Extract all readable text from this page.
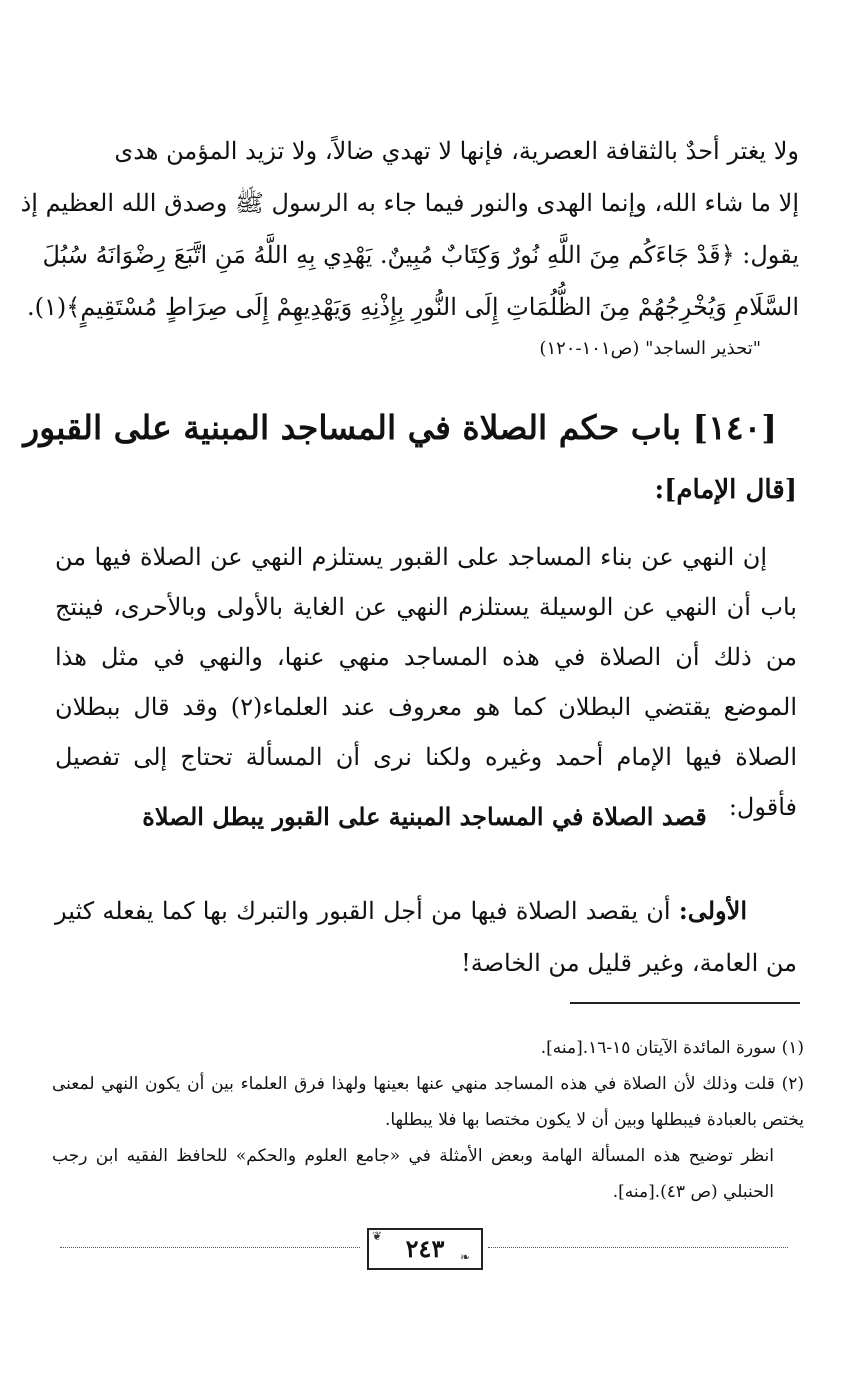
ولا يغتر أحدٌ بالثقافة العصرية، فإنها لا تهدي ضالاً، ولا تزيد المؤمن هدى
إلا ما شاء الله، وإنما الهدى والنور فيما جاء به الرسول ﷺ وصدق الله العظيم إذ
يقول: ﴿قَدْ جَاءَكُم مِنَ اللَّهِ نُورٌ وَكِتَابٌ مُبِينٌ. يَهْدِي بِهِ اللَّهُ مَنِ اتَّبَعَ رِضْوَانَهُ سُبُلَ
السَّلَامِ وَيُخْرِجُهُمْ مِنَ الظُّلُمَاتِ إِلَى النُّورِ بِإِذْنِهِ وَيَهْدِيهِمْ إِلَى صِرَاطٍ مُسْتَقِيمٍ﴾(١).
"تحذير الساجد" (ص١٠١-١٢٠)
[١٤٠] باب حكم الصلاة في المساجد المبنية على القبور
[قال الإمام]:

إن النهي عن بناء المساجد على القبور يستلزم النهي عن الصلاة فيها من باب أن النهي عن الوسيلة يستلزم النهي عن الغاية بالأولى وبالأحرى، فينتج من ذلك أن الصلاة في هذه المساجد منهي عنها، والنهي في مثل هذا الموضع يقتضي البطلان كما هو معروف عند العلماء(٢) وقد قال ببطلان الصلاة فيها الإمام أحمد وغيره ولكنا نرى أن المسألة تحتاج إلى تفصيل فأقول:

قصد الصلاة في المساجد المبنية على القبور يبطل الصلاة

الأولى: أن يقصد الصلاة فيها من أجل القبور والتبرك بها كما يفعله كثير من العامة، وغير قليل من الخاصة!

(١) سورة المائدة الآيتان ١٥-١٦.[منه].

(٢) قلت وذلك لأن الصلاة في هذه المساجد منهي عنها بعينها ولهذا فرق العلماء بين أن يكون النهي لمعنى يختص بالعبادة فيبطلها وبين أن لا يكون مختصا بها فلا يبطلها.

انظر توضيح هذه المسألة الهامة وبعض الأمثلة في «جامع العلوم والحكم» للحافظ الفقيه ابن رجب الحنبلي (ص ٤٣).[منه].

٢٤٣
❦
❧
